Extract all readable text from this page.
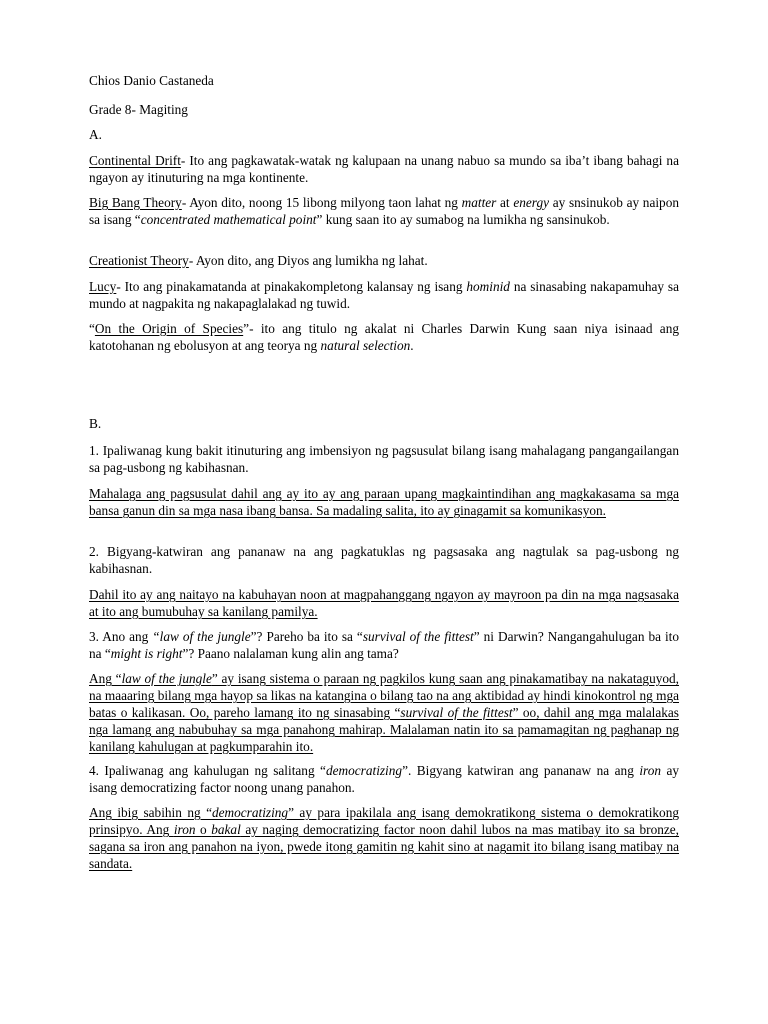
Chios Danio Castaneda

Grade 8- Magiting

A.

Continental Drift- Ito ang pagkawatak-watak ng kalupaan na unang nabuo sa mundo sa iba’t ibang bahagi na ngayon ay itinuturing na mga kontinente.

Big Bang Theory- Ayon dito, noong 15 libong milyong taon lahat ng matter at energy ay snsinukob ay naipon sa isang “concentrated mathematical point” kung saan ito ay sumabog na lumikha ng sansinukob.

Creationist Theory- Ayon dito, ang Diyos ang lumikha ng lahat.

Lucy- Ito ang pinakamatanda at pinakakompletong kalansay ng isang hominid na sinasabing nakapamuhay sa mundo at nagpakita ng nakapaglalakad ng tuwid.

“On the Origin of Species”- ito ang titulo ng akalat ni Charles Darwin Kung saan niya isinaad ang katotohanan ng ebolusyon at ang teorya ng natural selection.

B.

1. Ipaliwanag kung bakit itinuturing ang imbensiyon ng pagsusulat bilang isang mahalagang pangangailangan sa pag-usbong ng kabihasnan.

Mahalaga ang pagsusulat dahil ang ay ito ay ang paraan upang magkaintindihan ang magkakasama sa mga bansa ganun din sa mga nasa ibang bansa. Sa madaling salita, ito ay ginagamit sa komunikasyon.

2. Bigyang-katwiran ang pananaw na ang pagkatuklas ng pagsasaka ang nagtulak sa pag-usbong ng kabihasnan.

Dahil ito ay ang naitayo na kabuhayan noon at magpahanggang ngayon ay mayroon pa din na mga nagsasaka at ito ang bumubuhay sa kanilang pamilya.

3. Ano ang “law of the jungle”? Pareho ba ito sa “survival of the fittest” ni Darwin? Nangangahulugan ba ito na “might is right”? Paano nalalaman kung alin ang tama?

Ang “law of the jungle” ay isang sistema o paraan ng pagkilos kung saan ang pinakamatibay na nakataguyod, na maaaring bilang mga hayop sa likas na katangina o bilang tao na ang aktibidad ay hindi kinokontrol ng mga batas o kalikasan. Oo, pareho lamang ito ng sinasabing “survival of the fittest” oo, dahil ang mga malalakas nga lamang ang nabubuhay sa mga panahong mahirap. Malalaman natin ito sa pamamagitan ng paghanap ng kanilang kahulugan at pagkumparahin ito.

4. Ipaliwanag ang kahulugan ng salitang “democratizing”. Bigyang katwiran ang pananaw na ang iron ay isang democratizing factor noong unang panahon.

Ang ibig sabihin ng “democratizing” ay para ipakilala ang isang demokratikong sistema o demokratikong prinsipyo. Ang iron o bakal ay naging democratizing factor noon dahil lubos na mas matibay ito sa bronze, sagana sa iron ang panahon na iyon, pwede itong gamitin ng kahit sino at nagamit ito bilang isang matibay na sandata.
